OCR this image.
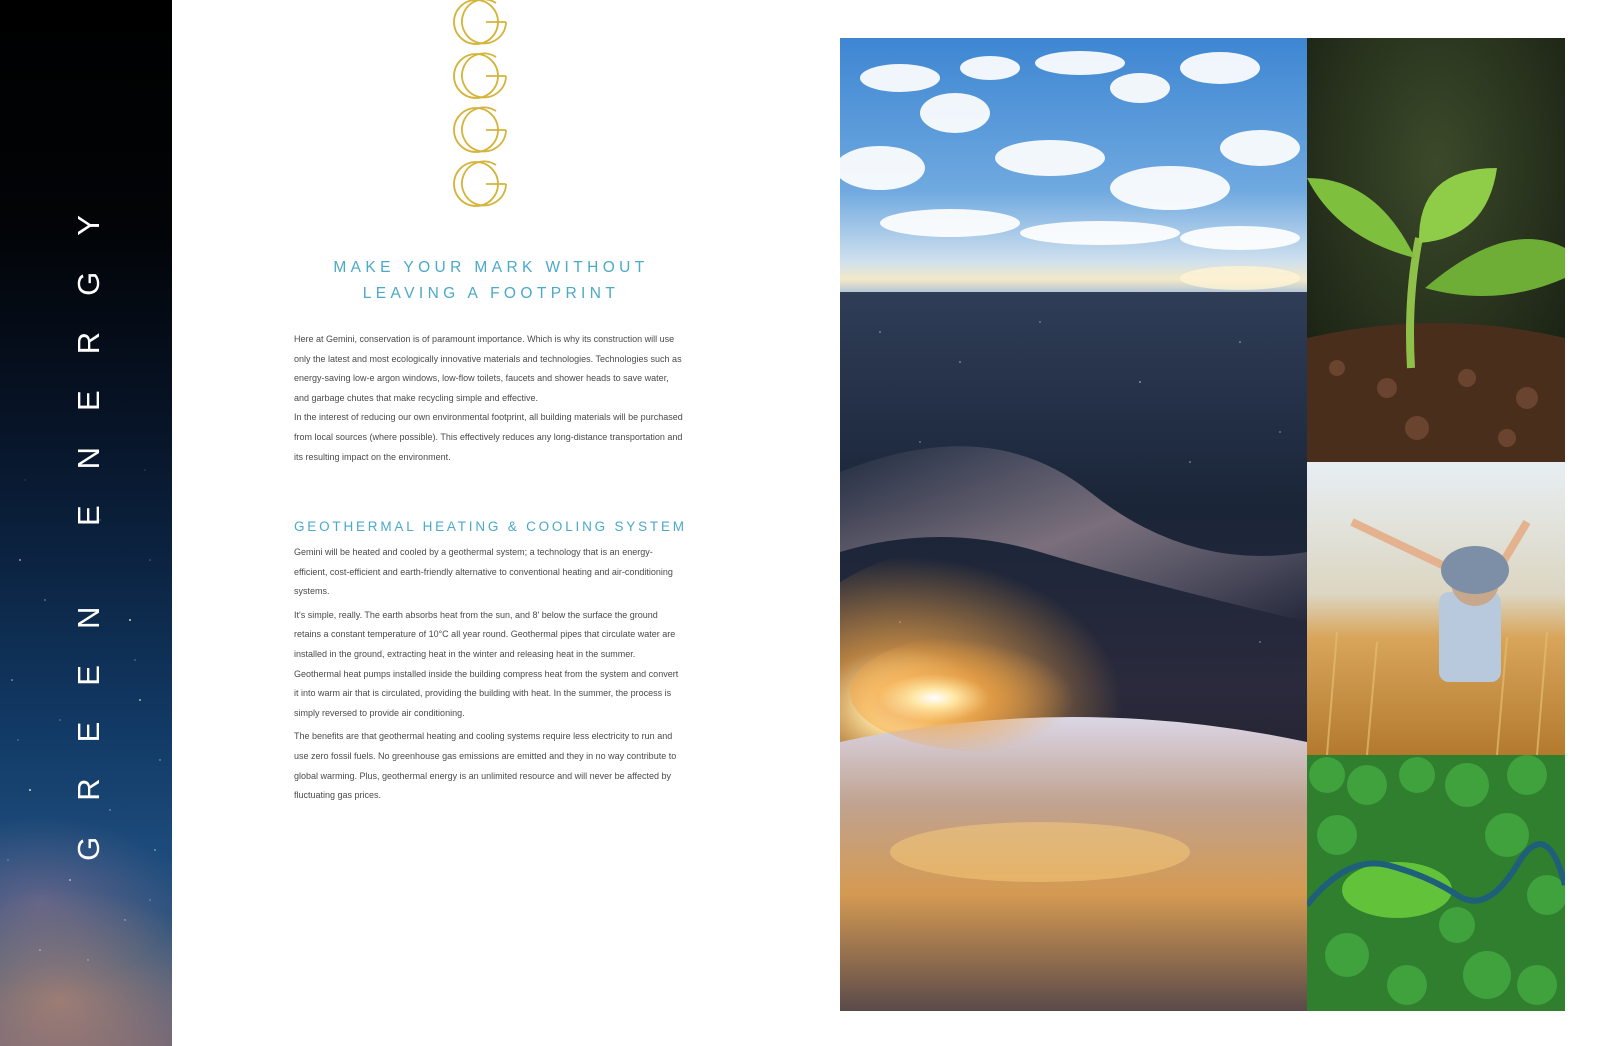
GREEN ENERGY	MAKE YOUR MARK WITHOUT
LEAVING A FOOTPRINT

Here at Gemini, conservation is of paramount importance. Which is why its construction will use only the latest and most ecologically innovative materials and technologies. Technologies such as energy-saving low-e argon windows, low-flow toilets, faucets and shower heads to save water, and garbage chutes that make recycling simple and effective.

In the interest of reducing our own environmental footprint, all building materials will be purchased from local sources (where possible). This effectively reduces any long-distance transportation and its resulting impact on the environment.

GEOTHERMAL HEATING & COOLING SYSTEM

Gemini will be heated and cooled by a geothermal system; a technology that is an energy-efficient, cost-efficient and earth-friendly alternative to conventional heating and air-conditioning systems.

It's simple, really. The earth absorbs heat from the sun, and 8' below the surface the ground retains a constant temperature of 10°C all year round. Geothermal pipes that circulate water are installed in the ground, extracting heat in the winter and releasing heat in the summer. Geothermal heat pumps installed inside the building compress heat from the system and convert it into warm air that is circulated, providing the building with heat. In the summer, the process is simply reversed to provide air conditioning.

The benefits are that geothermal heating and cooling systems require less electricity to run and use zero fossil fuels. No greenhouse gas emissions are emitted and they in no way contribute to global warming. Plus, geothermal energy is an unlimited resource and will never be affected by fluctuating gas prices.
